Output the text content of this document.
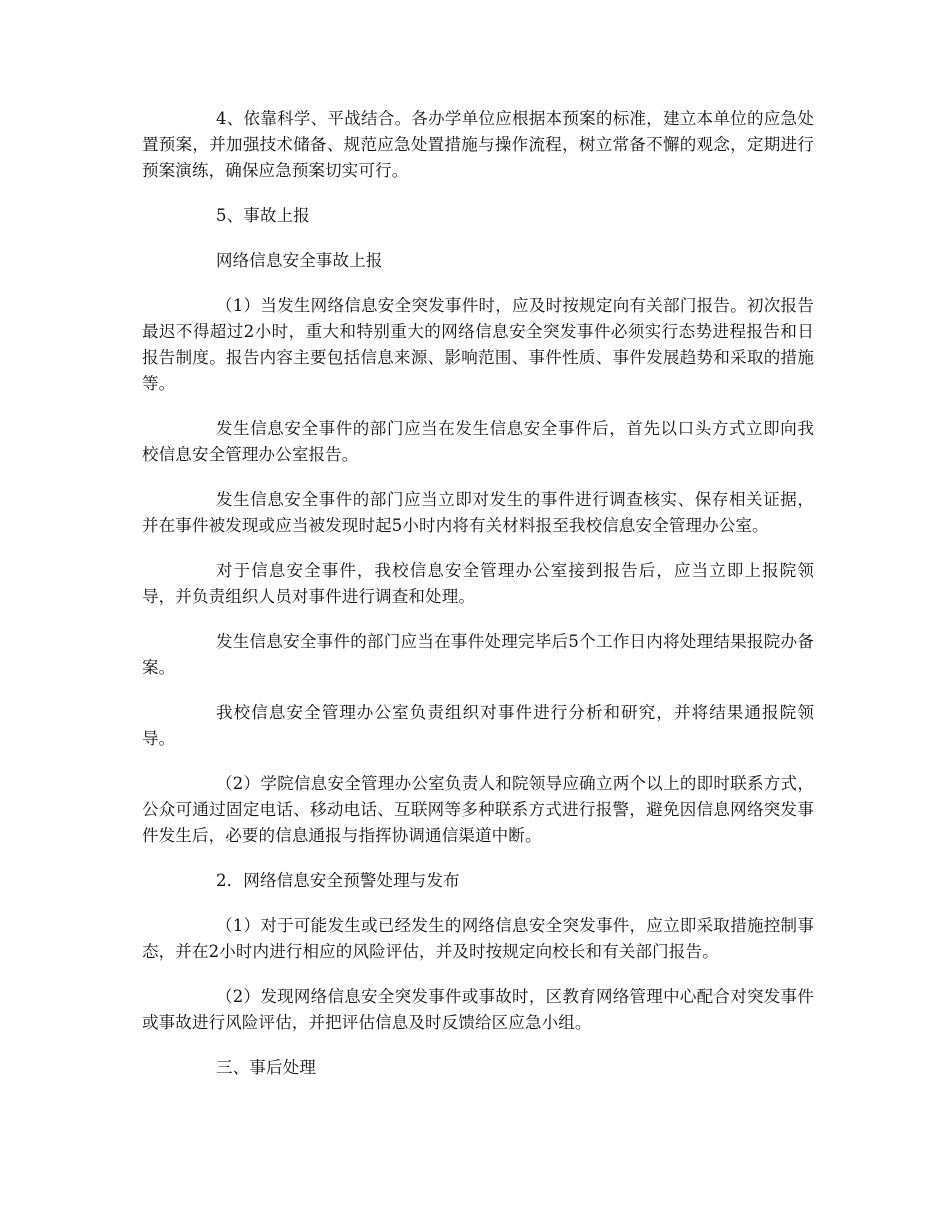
4、依靠科学、平战结合。各办学单位应根据本预案的标准，建立本单位的应急处置预案，并加强技术储备、规范应急处置措施与操作流程，树立常备不懈的观念，定期进行预案演练，确保应急预案切实可行。

5、事故上报

网络信息安全事故上报

（1）当发生网络信息安全突发事件时，应及时按规定向有关部门报告。初次报告最迟不得超过2小时，重大和特别重大的网络信息安全突发事件必须实行态势进程报告和日报告制度。报告内容主要包括信息来源、影响范围、事件性质、事件发展趋势和采取的措施等。

发生信息安全事件的部门应当在发生信息安全事件后，首先以口头方式立即向我校信息安全管理办公室报告。

发生信息安全事件的部门应当立即对发生的事件进行调查核实、保存相关证据，并在事件被发现或应当被发现时起5小时内将有关材料报至我校信息安全管理办公室。

对于信息安全事件，我校信息安全管理办公室接到报告后，应当立即上报院领导，并负责组织人员对事件进行调查和处理。

发生信息安全事件的部门应当在事件处理完毕后5个工作日内将处理结果报院办备案。

我校信息安全管理办公室负责组织对事件进行分析和研究，并将结果通报院领导。

（2）学院信息安全管理办公室负责人和院领导应确立两个以上的即时联系方式，公众可通过固定电话、移动电话、互联网等多种联系方式进行报警，避免因信息网络突发事件发生后，必要的信息通报与指挥协调通信渠道中断。

2．网络信息安全预警处理与发布

（1）对于可能发生或已经发生的网络信息安全突发事件，应立即采取措施控制事态，并在2小时内进行相应的风险评估，并及时按规定向校长和有关部门报告。

（2）发现网络信息安全突发事件或事故时，区教育网络管理中心配合对突发事件或事故进行风险评估，并把评估信息及时反馈给区应急小组。

三、事后处理
